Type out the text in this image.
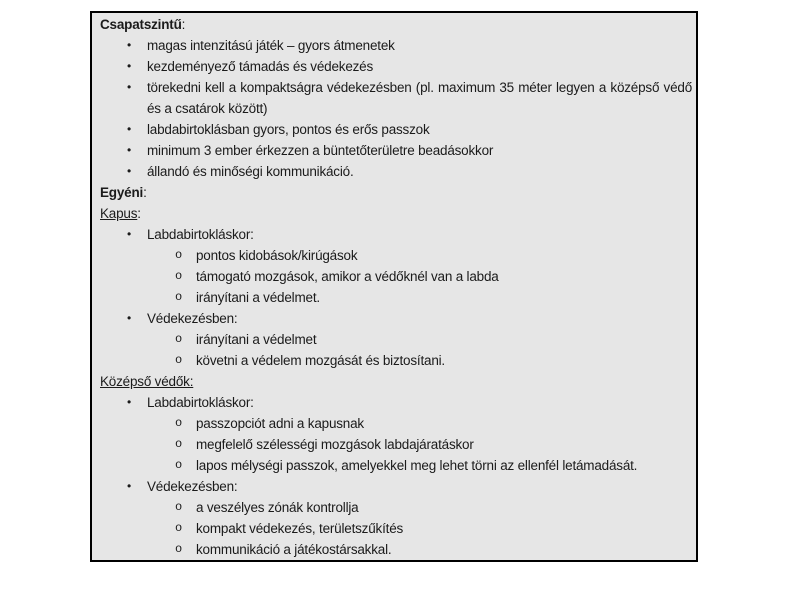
Csapatszintű:
•	magas intenzitású játék – gyors átmenetek
•	kezdeményező támadás és védekezés
•	törekedni kell a kompaktságra védekezésben (pl. maximum 35 méter legyen a középső védő és a csatárok között)
•	labdabirtoklásban gyors, pontos és erős passzok
•	minimum 3 ember érkezzen a büntetőterületre beadásokkor
•	állandó és minőségi kommunikáció.
Egyéni:
Kapus:
•	Labdabirtokláskor:
o	pontos kidobások/kirúgások
o	támogató mozgások, amikor a védőknél van a labda
o	irányítani a védelmet.
•	Védekezésben:
o	irányítani a védelmet
o	követni a védelem mozgását és biztosítani.
Középső védők:
•	Labdabirtokláskor:
o	passzopciót adni a kapusnak
o	megfelelő szélességi mozgások labdajáratáskor
o	lapos mélységi passzok, amelyekkel meg lehet törni az ellenfél letámadását.
•	Védekezésben:
o	a veszélyes zónák kontrollja
o	kompakt védekezés, területszűkítés
o	kommunikáció a játékostársakkal.
